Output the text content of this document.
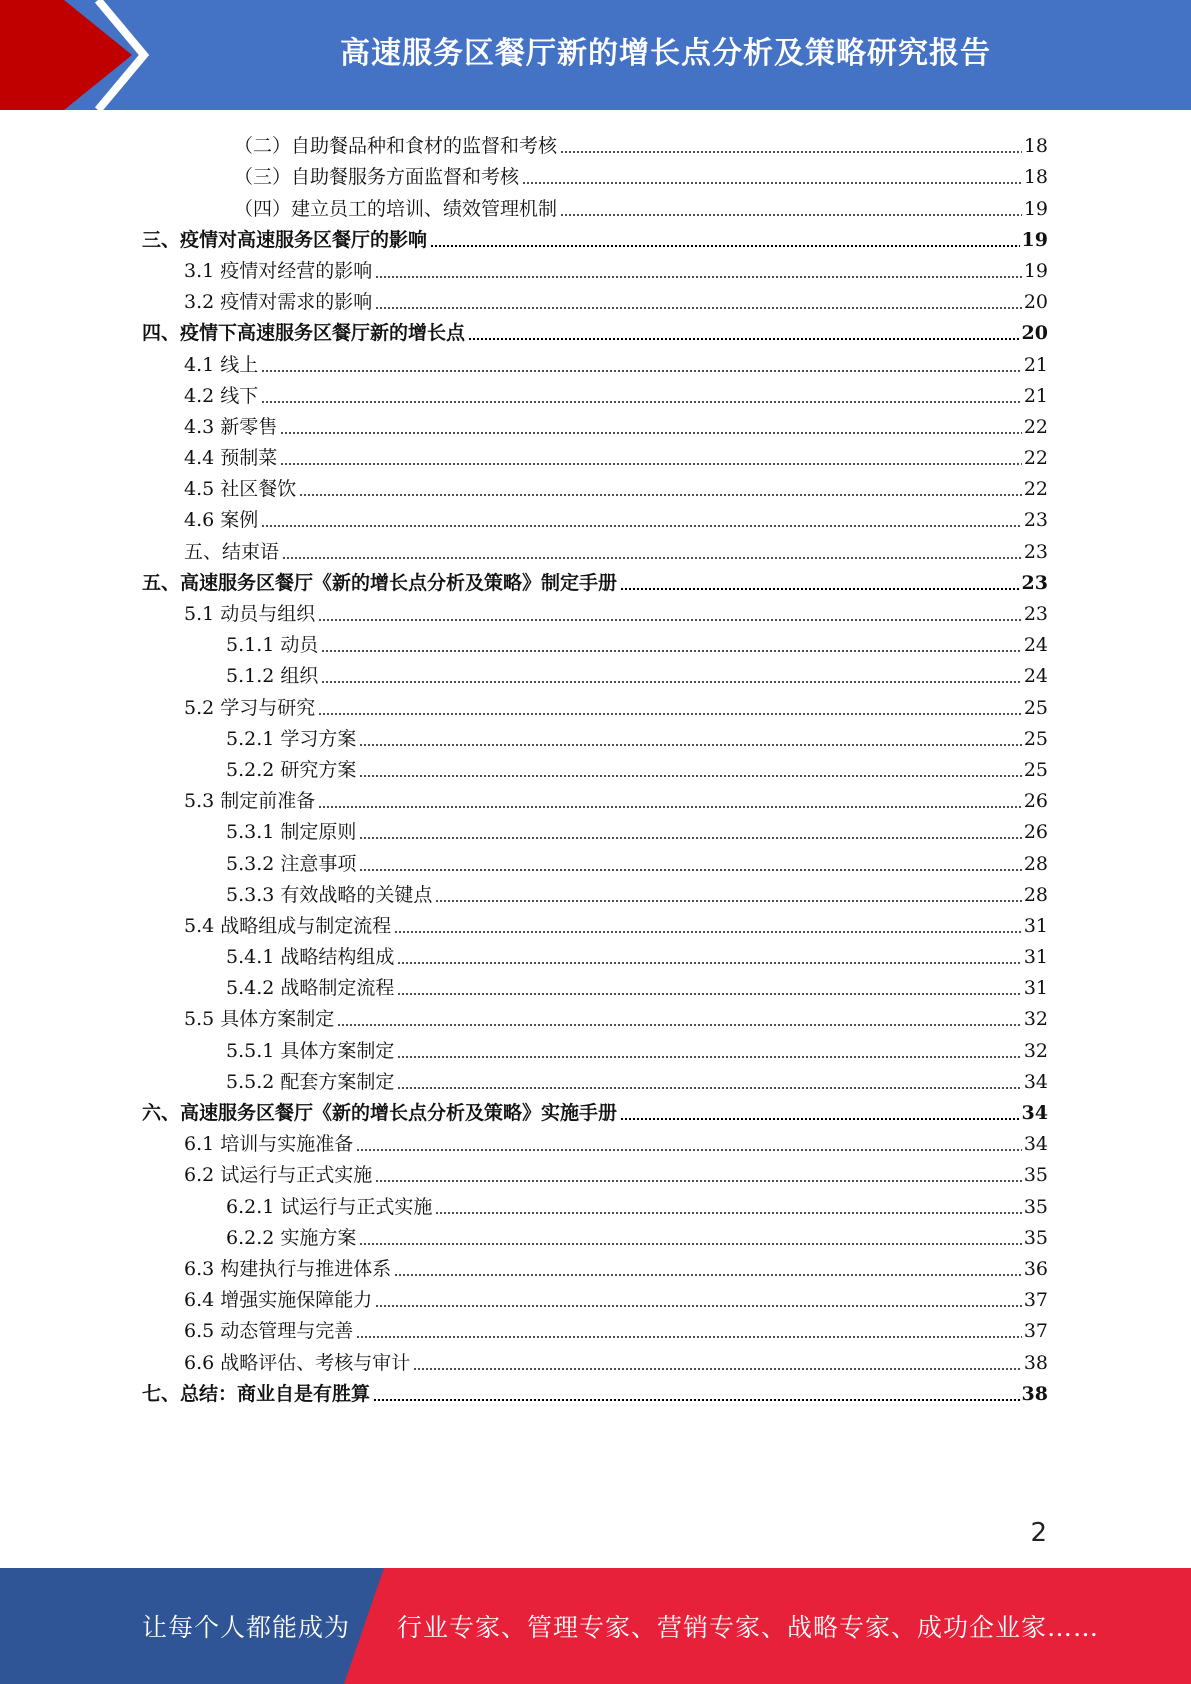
高速服务区餐厅新的增长点分析及策略研究报告
（二）自助餐品种和食材的监督和考核	18
（三）自助餐服务方面监督和考核	18
（四）建立员工的培训、绩效管理机制	19
三、疫情对高速服务区餐厅的影响	19
3.1 疫情对经营的影响	19
3.2 疫情对需求的影响	20
四、疫情下高速服务区餐厅新的增长点	20
4.1 线上	21
4.2 线下	21
4.3 新零售	22
4.4 预制菜	22
4.5 社区餐饮	22
4.6 案例	23
五、结束语	23
五、高速服务区餐厅《新的增长点分析及策略》制定手册	23
5.1 动员与组织	23
5.1.1 动员	24
5.1.2 组织	24
5.2 学习与研究	25
5.2.1 学习方案	25
5.2.2 研究方案	25
5.3 制定前准备	26
5.3.1 制定原则	26
5.3.2 注意事项	28
5.3.3 有效战略的关键点	28
5.4 战略组成与制定流程	31
5.4.1 战略结构组成	31
5.4.2 战略制定流程	31
5.5 具体方案制定	32
5.5.1 具体方案制定	32
5.5.2 配套方案制定	34
六、高速服务区餐厅《新的增长点分析及策略》实施手册	34
6.1 培训与实施准备	34
6.2 试运行与正式实施	35
6.2.1 试运行与正式实施	35
6.2.2 实施方案	35
6.3 构建执行与推进体系	36
6.4 增强实施保障能力	37
6.5 动态管理与完善	37
6.6 战略评估、考核与审计	38
七、总结：商业自是有胜算	38
2
让每个人都能成为 行业专家、管理专家、营销专家、战略专家、成功企业家……
